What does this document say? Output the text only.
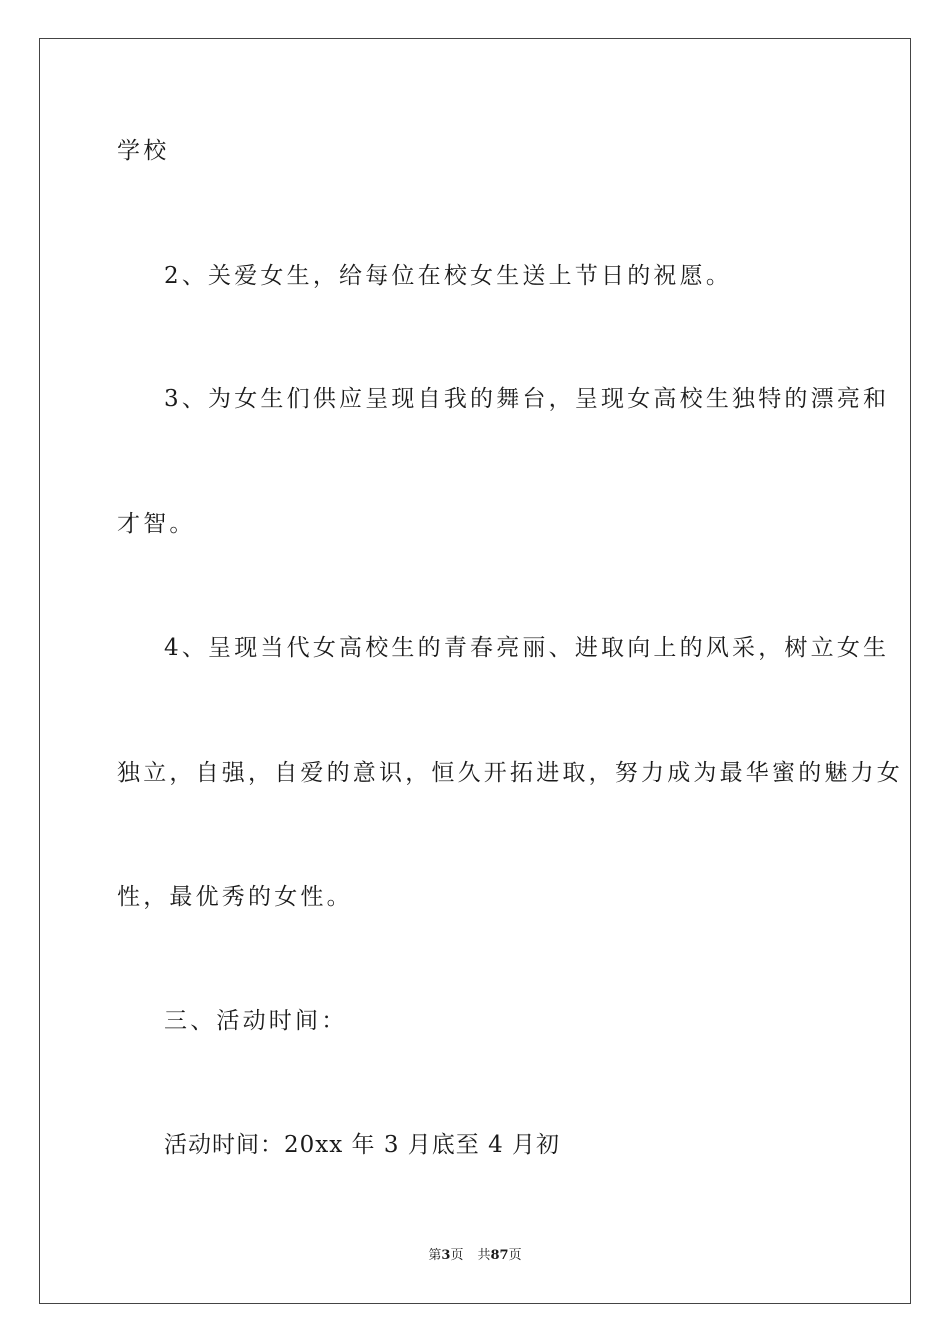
学校
2、关爱女生，给每位在校女生送上节日的祝愿。
3、为女生们供应呈现自我的舞台，呈现女高校生独特的漂亮和
才智。
4、呈现当代女高校生的青春亮丽、进取向上的风采，树立女生
独立，自强，自爱的意识，恒久开拓进取，努力成为最华蜜的魅力女
性，最优秀的女性。
三、活动时间：
活动时间：20xx 年 3 月底至 4 月初
第3页 共87页
